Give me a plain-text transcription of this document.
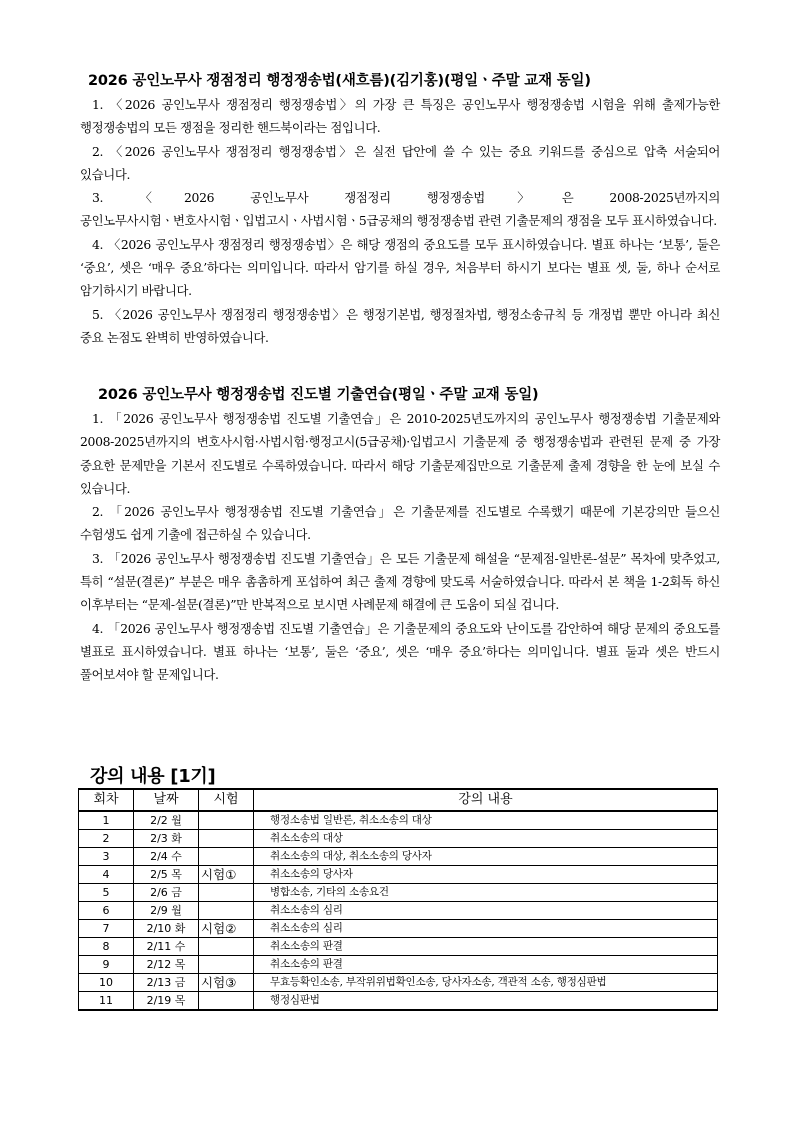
2026 공인노무사 쟁점정리 행정쟁송법(새흐름)(김기홍)(평일ㆍ주말 교재 동일)

1. 〈2026 공인노무사 쟁점정리 행정쟁송법〉의 가장 큰 특징은 공인노무사 행정쟁송법 시험을 위해 출제가능한 행정쟁송법의 모든 쟁점을 정리한 핸드북이라는 점입니다.

2. 〈2026 공인노무사 쟁점정리 행정쟁송법〉은 실전 답안에 쓸 수 있는 중요 키워드를 중심으로 압축 서술되어 있습니다.

3. 〈2026 공인노무사 쟁점정리 행정쟁송법〉은 2008-2025년까지의 공인노무사시험ㆍ변호사시험ㆍ입법고시ㆍ사법시험ㆍ5급공채의 행정쟁송법 관련 기출문제의 쟁점을 모두 표시하였습니다.

4. 〈2026 공인노무사 쟁점정리 행정쟁송법〉은 해당 쟁점의 중요도를 모두 표시하였습니다. 별표 하나는 ‘보통’, 둘은 ‘중요’, 셋은 ‘매우 중요’하다는 의미입니다. 따라서 암기를 하실 경우, 처음부터 하시기 보다는 별표 셋, 둘, 하나 순서로 암기하시기 바랍니다.

5. 〈2026 공인노무사 쟁점정리 행정쟁송법〉은 행정기본법, 행정절차법, 행정소송규칙 등 개정법 뿐만 아니라 최신 중요 논점도 완벽히 반영하였습니다.

2026 공인노무사 행정쟁송법 진도별 기출연습(평일ㆍ주말 교재 동일)

1. 「2026 공인노무사 행정쟁송법 진도별 기출연습」은 2010-2025년도까지의 공인노무사 행정쟁송법 기출문제와 2008-2025년까지의 변호사시험·사법시험·행정고시(5급공채)·입법고시 기출문제 중 행정쟁송법과 관련된 문제 중 가장 중요한 문제만을 기본서 진도별로 수록하였습니다. 따라서 해당 기출문제집만으로 기출문제 출제 경향을 한 눈에 보실 수 있습니다.

2. 「2026 공인노무사 행정쟁송법 진도별 기출연습」은 기출문제를 진도별로 수록했기 때문에 기본강의만 들으신 수험생도 쉽게 기출에 접근하실 수 있습니다.

3. 「2026 공인노무사 행정쟁송법 진도별 기출연습」은 모든 기출문제 해설을 “문제점-일반론-설문” 목차에 맞추었고, 특히 “설문(결론)” 부분은 매우 촘촘하게 포섭하여 최근 출제 경향에 맞도록 서술하였습니다. 따라서 본 책을 1-2회독 하신 이후부터는 “문제-설문(결론)”만 반복적으로 보시면 사례문제 해결에 큰 도움이 되실 겁니다.

4. 「2026 공인노무사 행정쟁송법 진도별 기출연습」은 기출문제의 중요도와 난이도를 감안하여 해당 문제의 중요도를 별표로 표시하였습니다. 별표 하나는 ‘보통’, 둘은 ‘중요’, 셋은 ‘매우 중요’하다는 의미입니다. 별표 둘과 셋은 반드시 풀어보셔야 할 문제입니다.

강의 내용 [1기]
회차	날짜	시험	강의 내용
1	2/2 월		행정소송법 일반론, 취소소송의 대상
2	2/3 화		취소소송의 대상
3	2/4 수		취소소송의 대상, 취소소송의 당사자
4	2/5 목	시험①	취소소송의 당사자
5	2/6 금		병합소송, 기타의 소송요건
6	2/9 월		취소소송의 심리
7	2/10 화	시험②	취소소송의 심리
8	2/11 수		취소소송의 판결
9	2/12 목		취소소송의 판결
10	2/13 금	시험③	무효등확인소송, 부작위위법확인소송, 당사자소송, 객관적 소송, 행정심판법
11	2/19 목		행정심판법
